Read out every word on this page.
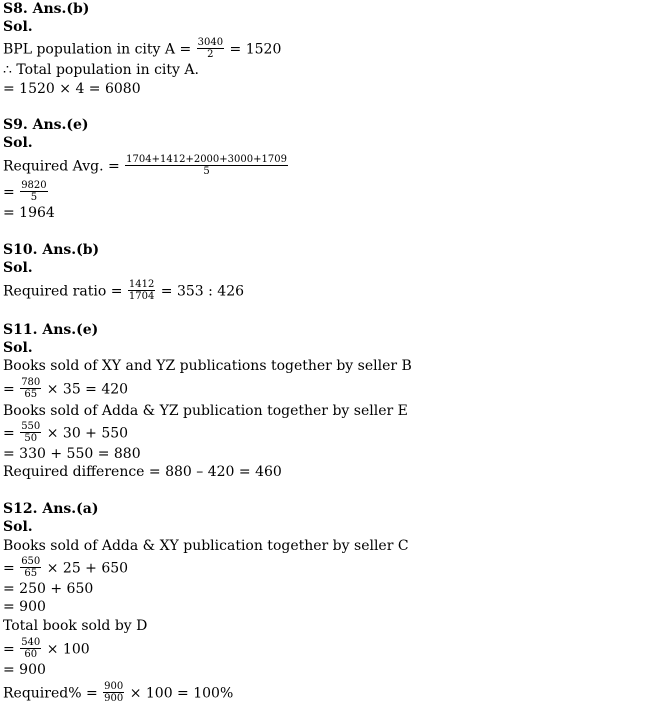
S8. Ans.(b)
Sol.
BPL population in city $A = \frac{3040}{2} = 1520$
∴ Total population in city A.
= 1520 × 4 = 6080
S9. Ans.(e)
Sol.
Required Avg. = $\frac{1704+1412+2000+3000+1709}{5}$
= $\frac{9820}{5}$
= 1964
S10. Ans.(b)
Sol.
Required ratio = $\frac{1412}{1704} = 353$ : 426
S11. Ans.(e)
Sol.
Books sold of XY and YZ publications together by seller B
= $\frac{780}{65} \times 35 = 420$
Books sold of Adda & YZ publication together by seller E
= $\frac{550}{50} \times 30 + 550$
= 330 + 550 = 880
Required difference = 880 – 420 = 460
S12. Ans.(a)
Sol.
Books sold of Adda & XY publication together by seller C
= $\frac{650}{65} \times 25 + 650$
= 250 + 650
= 900
Total book sold by D
= $\frac{540}{60} \times 100$
= 900
Required% = $\frac{900}{900} \times 100 = 100\%$
